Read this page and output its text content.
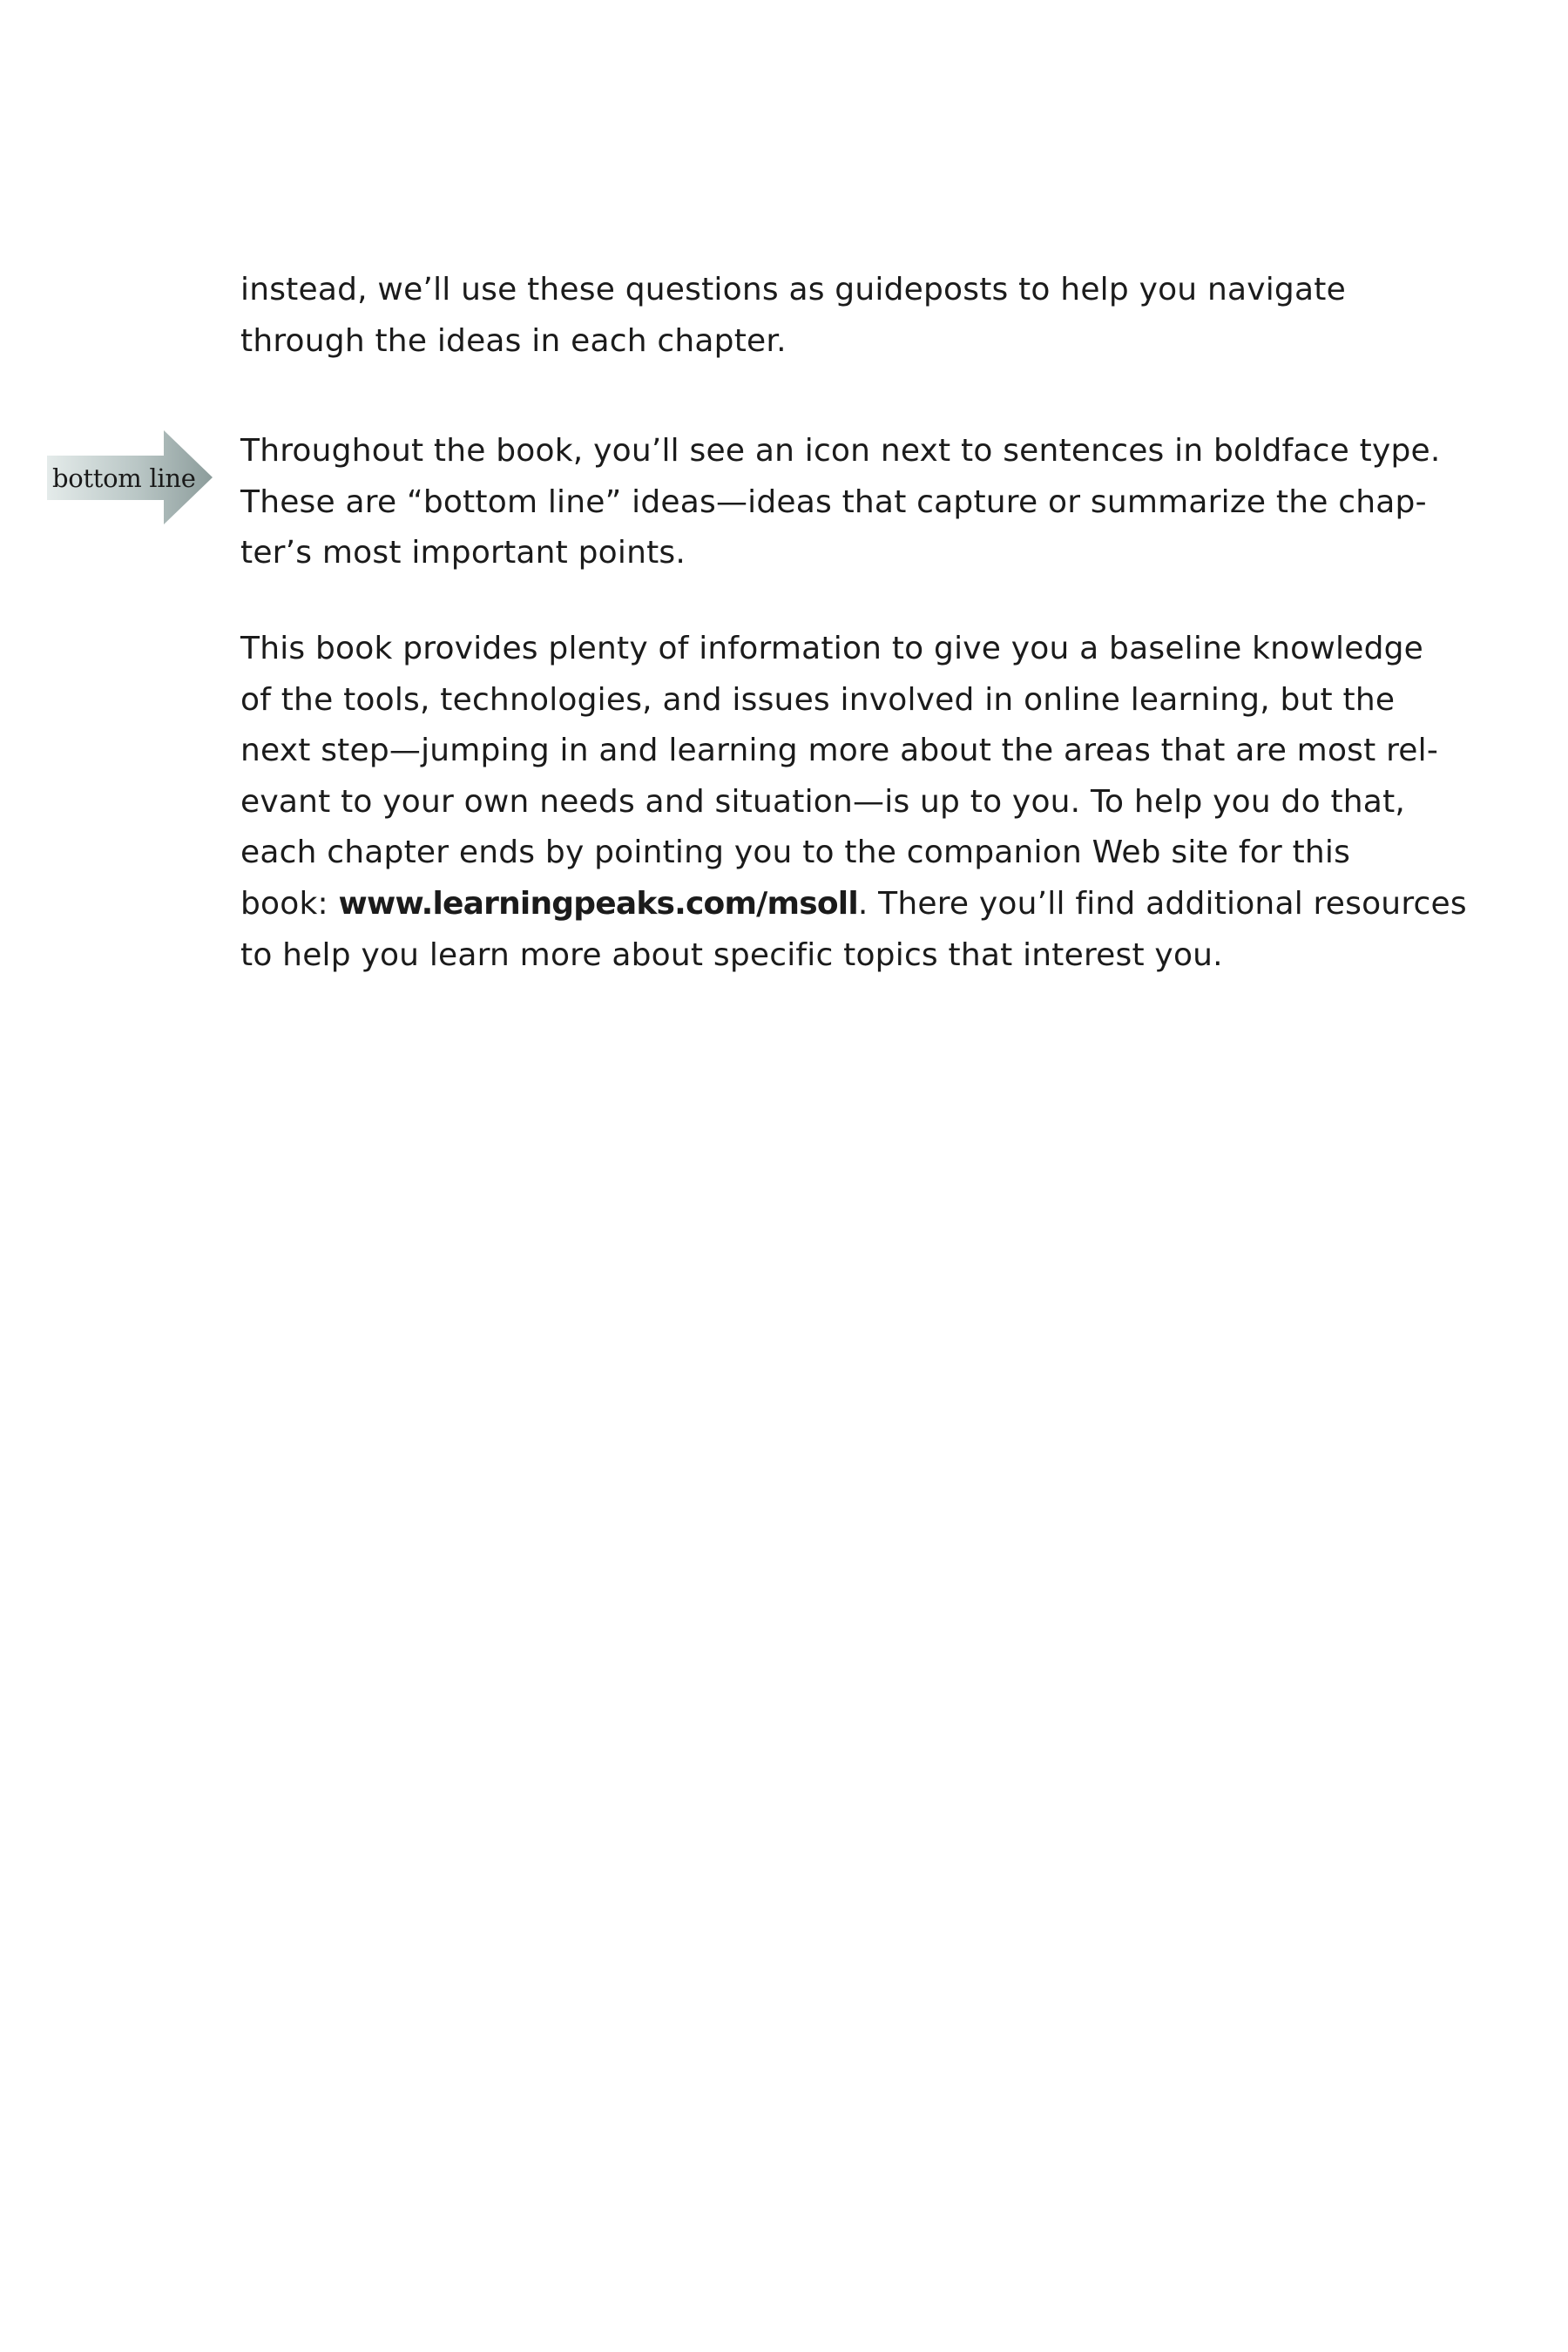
bottom line
instead, we’ll use these questions as guideposts to help you navigate
through the ideas in each chapter.
Throughout the book, you’ll see an icon next to sentences in boldface type.
These are “bottom line” ideas—ideas that capture or summarize the chap-
ter’s most important points.
This book provides plenty of information to give you a baseline knowledge
of the tools, technologies, and issues involved in online learning, but the
next step—jumping in and learning more about the areas that are most rel-
evant to your own needs and situation—is up to you. To help you do that,
each chapter ends by pointing you to the companion Web site for this
book: www.learningpeaks.com/msoll. There you’ll find additional resources
to help you learn more about specific topics that interest you.
